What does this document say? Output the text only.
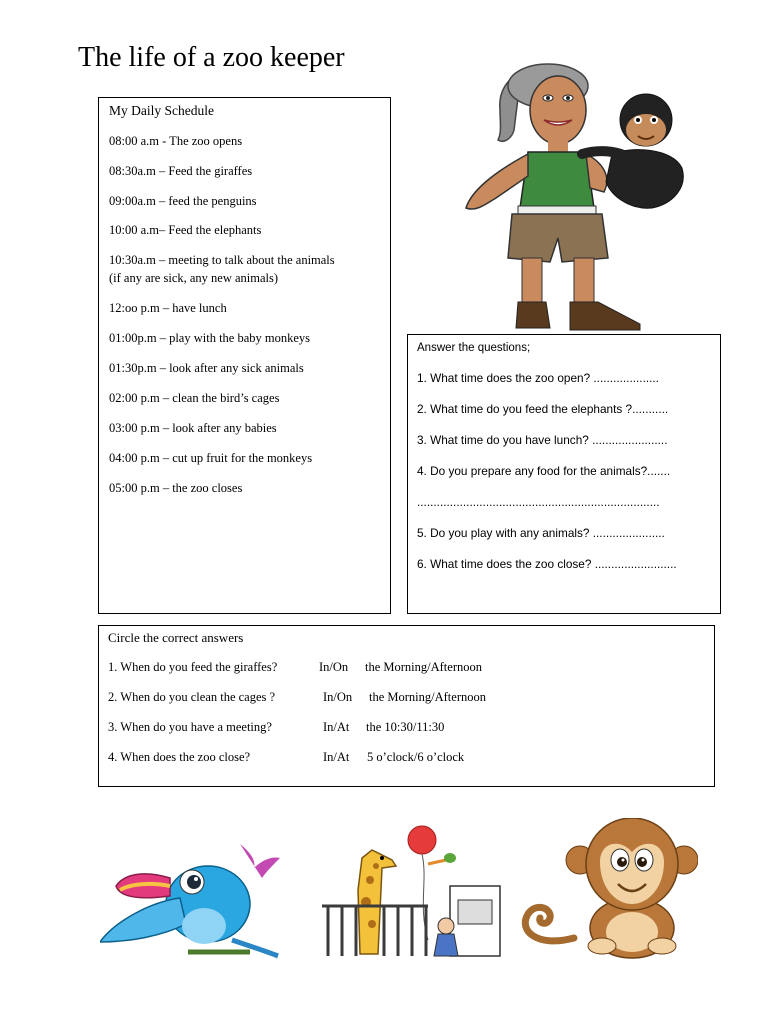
The life of a zoo keeper
My Daily Schedule
08:00 a.m - The zoo opens
08:30a.m – Feed the giraffes
09:00a.m – feed the penguins
10:00 a.m– Feed the elephants
10:30a.m – meeting to talk about the animals
(if any are sick, any new animals)
12:oo p.m – have lunch
01:00p.m – play with the baby monkeys
01:30p.m – look after any sick animals
02:00 p.m – clean the bird’s cages
03:00 p.m – look after any babies
04:00 p.m – cut up fruit for the monkeys
05:00 p.m – the zoo closes
Answer the questions;
1. What time does the zoo open? ....................
2. What time do you feed the elephants ?...........
3. What time do you have lunch? .......................
4. Do you prepare any food for the animals?.......
..........................................................................
5. Do you play with any animals? ......................
6. What time does the zoo close? .........................
Circle the correct answers
1. When do you feed the giraffes?	In/On the Morning/Afternoon
2. When do you clean the cages ?	In/On the Morning/Afternoon
3. When do you have a meeting?	In/At the 10:30/11:30
4. When does the zoo close?	In/At 5 o’clock/6 o’clock
